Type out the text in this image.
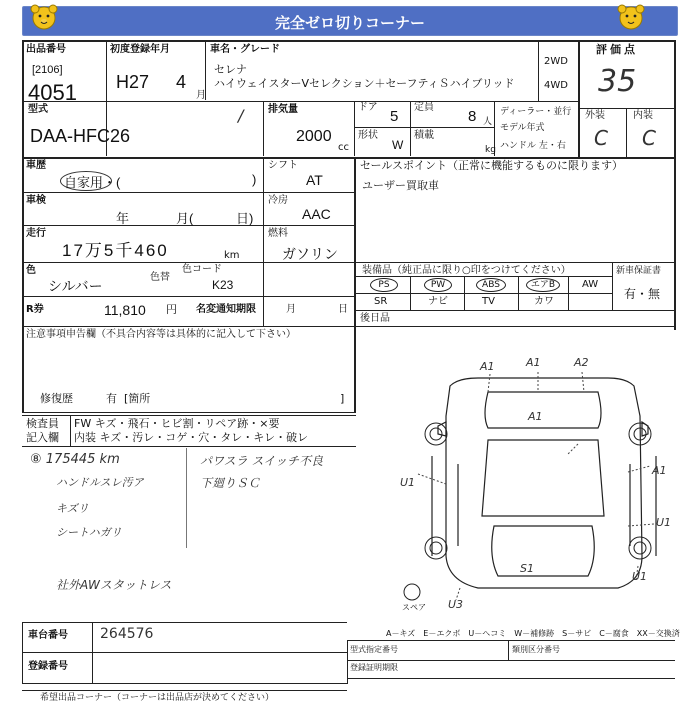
完全ゼロ切りコーナー
出品番号
[2106]
4051
初度登録年月
H27 4
月
車名・グレード
セレナ
ハイウェイスターVセレクション＋セーフティＳハイブリッド
2WD
4WD
評価点
35
外装	内装
C C
型式
DAA-HFC26
/ 排気量
2000
cc
ドア
5
定員
8 人
形状
W
積載
kg
ディーラー・並行
モデル年式
ハンドル 左・右
車歴
自家用・(	)
シフト
AT
セールスポイント（正常に機能するものに限ります）
ユーザー買取車
車検
年	月(	日)
冷房
AAC
走行
17万5千460	km
燃料
ガソリン
色
シルバー
色替
色コード
K23
R券	11,810 円 名変通知期限	月	日
装備品（純正品に限り○印をつけてください）
PS	PW	ABS	エアB	AW
SR	ナビ	TV	カワ
新車保証書
有・無
後日品
注意事項申告欄（不具合内容等は具体的に記入して下さい）
修復歴	有 [箇所	]
検査員
記入欄
FW キズ・飛石・ヒビ割・リペア跡・×要
内装 キズ・汚レ・コゲ・穴・タレ・キレ・破レ
⑧ 175445 km
ハンドルスレ汚ア
キズリ
シートハガリ
社外AWスタットレス
パワスラ スイッチ不良
下廻りＳＣ
A1	A1	A2
A1
A1
U1
U1
U1
S1
U3
スペア
A－キズ　E－エクボ　U－ヘコミ　W－補修跡　S－サビ　C－腐食　XX－交換済
車台番号 264576
登録番号
型式指定番号	類別区分番号
登録証明期限
希望出品コーナー（コーナーは出品店が決めてください）
